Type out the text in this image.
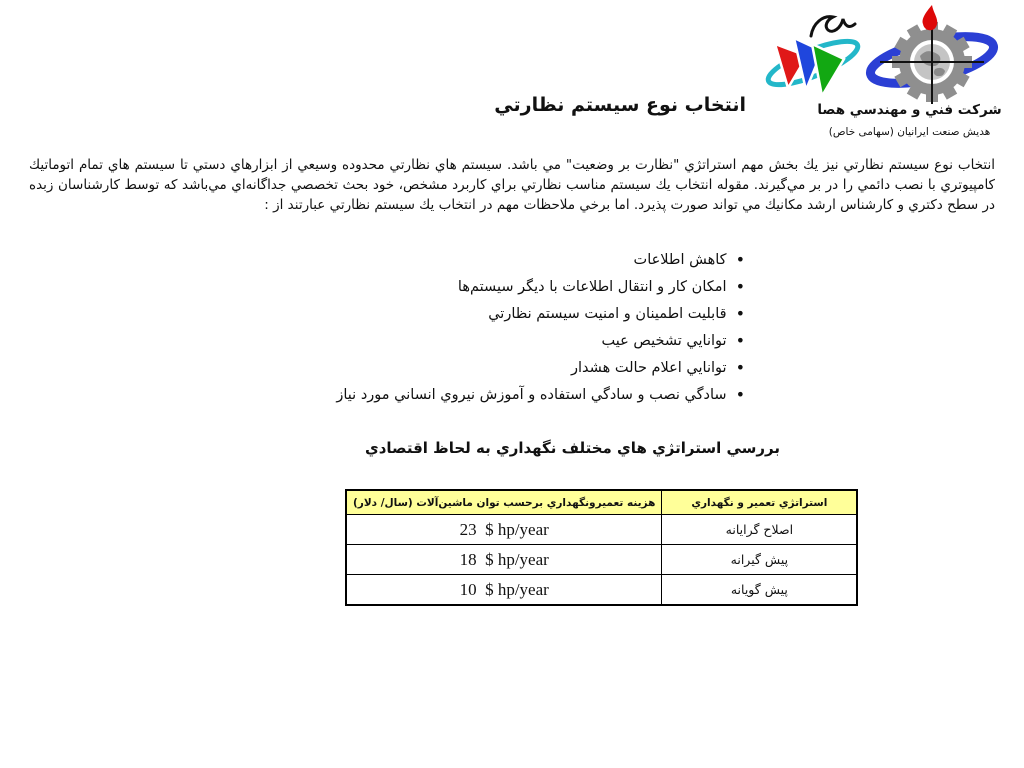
شركت فني و مهندسي هصا
هديش صنعت ايرانيان (سهامی خاص)
انتخاب نوع سيستم نظارتي

انتخاب نوع سيستم نظارتي نيز يك بخش مهم استراتژي "نظارت بر وضعيت" مي باشد. سيستم هاي نظارتي محدوده وسيعي از ابزارهاي دستي تا سيستم هاي تمام اتوماتيك كامپيوتري با نصب دائمي را در بر مي‌گيرند. مقوله انتخاب يك سيستم مناسب نظارتي براي كاربرد مشخص، خود بحث تخصصي جداگانه‌اي مي‌باشد كه توسط كارشناسان زبده در سطح دكتري و كارشناس ارشد مكانيك مي تواند صورت پذيرد. اما برخي ملاحظات مهم در انتخاب يك سيستم نظارتي عبارتند از :

• كاهش اطلاعات
• امكان كار و انتقال اطلاعات با ديگر سيستم‌ها
• قابليت اطمينان و امنيت سيستم نظارتي
• توانايي تشخيص عيب
• توانايي اعلام حالت هشدار
• سادگي نصب و سادگي استفاده و آموزش نيروي انساني مورد نياز
بررسي استراتژي هاي مختلف نگهداري به لحاظ اقتصادي
استراتژي تعمير و نگهداري	هزينه تعميرونگهداري برحسب توان ماشين‌آلات (سال/ دلار)
اصلاح گرايانه	23  $ hp/year
پيش گيرانه	18  $ hp/year
پيش گويانه	10  $ hp/year
